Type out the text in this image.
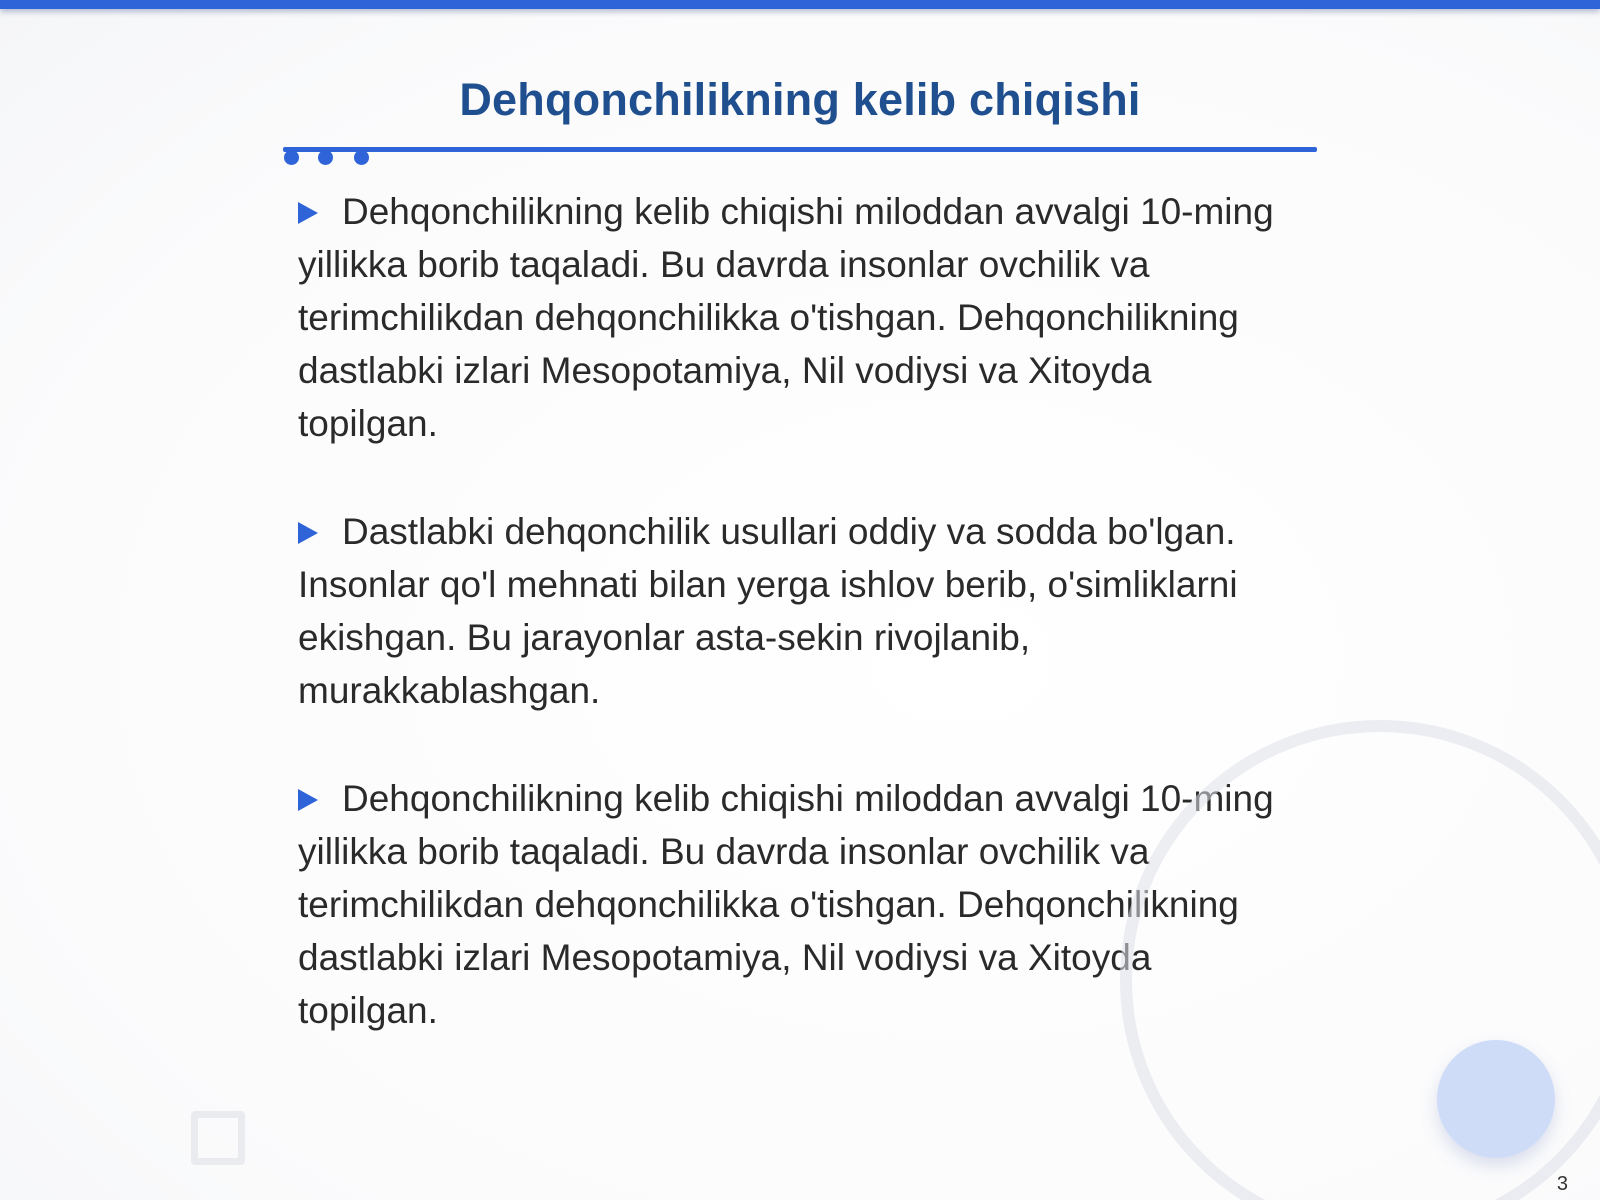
Dehqonchilikning kelib chiqishi

Dehqonchilikning kelib chiqishi miloddan avvalgi 10-ming yillikka borib taqaladi. Bu davrda insonlar ovchilik va terimchilikdan dehqonchilikka o'tishgan. Dehqonchilikning dastlabki izlari Mesopotamiya, Nil vodiysi va Xitoyda topilgan.

Dastlabki dehqonchilik usullari oddiy va sodda bo'lgan. Insonlar qo'l mehnati bilan yerga ishlov berib, o'simliklarni ekishgan. Bu jarayonlar asta-sekin rivojlanib, murakkablashgan.

Dehqonchilikning kelib chiqishi miloddan avvalgi 10-ming yillikka borib taqaladi. Bu davrda insonlar ovchilik va terimchilikdan dehqonchilikka o'tishgan. Dehqonchilikning dastlabki izlari Mesopotamiya, Nil vodiysi va Xitoyda topilgan.

3
